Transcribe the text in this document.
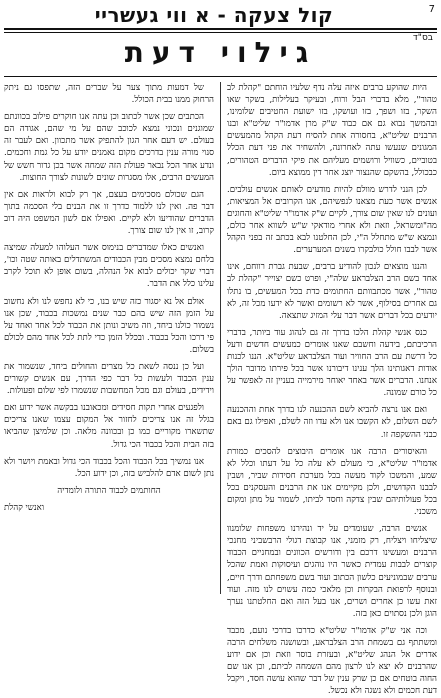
קול צעקה - א ווי געשריי	7
גילוי דעת	בס"ד

היות שהוקע ברבים איזה עלה נדף שלעיו הוחתם "קהלת לב טהור", מלא בדברי הבל ורוח, ובעיקר בעלילות, בשקר שאו השקר, בזו ושפך, בזו ועושקו, בזו ישועת החטיבים שלומינו, ובהמשך נבוא גם אם כבוד ש"ק מרן אדמו"ר שליט"א ובנו הרבנים שליט"א, בחסורה אחת להסיח דעת הקהל מהמעשים המגונים שנעשו עתה לאחרונה, ולהשחיר את פני דעת הכלל בטוביים, כשוויל ורושמים מעליהם את פיקי הדברים הטהורים, כבכולל, בהשקם שהנצור יוצג אחר דין ממוצא ביום.

לכן הנני לדרש מוולם להיות מודעים לאותם אנשים עולבים. אנשים אשר כעת מצאנו לנפשיהם, אנו הקרובים אל המציאות, ועונים לנו שאין שום צורך, לקיים ש"ק אדמו"ר שליט"א והחוגים מה"ומשראל, וזאת ולא אחרי מודאקי ש"ש לשווא אחר כולם, ונמצא ש"ש מתחלל ה"י, לכן החלטנו לבא בכתב זה בפני הקהל אשר לבבו חולל כולבקרו בשנים המערערים.

והננו מוצאים לנכון להודיע ברבים, שבעת גברת רווחם, אינו אחד בשם הרב הצלבראע שלה"י, ופרט כשם יצוייר "קהלת לב טהור", אשר מכתבוותם החתומים כדת בכל המעשים, בו נתלו גם אחרים בסילוף, אשר לא רשומים ואשר לא ידעו מכל זה, לא יודעים בכל דברים אשר דבר עלי המזיג שתצאה.

כנס אנשי קהלת הלכו בדרך זה גם לנהוג עוד ביותר, בדברי הרכיבתם, בידעה וחשבם שאנו אומרים כמעשים חדשים ודעל כל דרשת עם הרב החוויר ועוד הצלבראע שליט"א. הננו לכנות אודות דאגותינו הלך ענינו דיבורנו אשר בכל פירתו מדובר הולך אנחנו. הדברים אשר באחד יאוחר מירמייה בעניין זה לאפשר על כל כורם שמונה.

ואם אנו נרצה להביא לשם ההכנעה לנו בדרך אחת וההכנעה לשם השלום, לא הקשבו אנו ולא עדו וזה לשלם, ואפילו גם באם כבני ההשקפה זו.

והאיסורים הרבה אנו אומרים היבוצים להסכים כמורת אדמו"ר שליט"א, כי מעולם לא עלה כל על דעתו וכלל לא שמע, והמשכו לקוד מעשה בכל מערכת חסידות שביר, ושבין לבבנו הקדושים, ולכן מקיימים אנו את הרבנים והעסקנים בכל בכל פעולותיהם שבין צדקה וחסד לביתו, לשמור על מתן ומקום משכני.

אנשים הרבה, שעומדים על יד ונהירנו משפחות שלומנוו שיצליחו ויצליח, רק מזמני, אנו קבוצת דגולי הרבשביני מחנכי הרבנים ומעשינו דרכם בין ודורשים הכוונים ובמחניים הכבוד קוצרים לבבות עמדית כאשר היו נוהגים ועיסוקות ואמת שהכל ערבים שבמוניעים כלשון הכתוב ועוד בשם משפחתם ודרך חיים, ובנוסף לרפואת הבקרות וכן מלאכי כמה עשוים לנו מזה. ועוד זאת עשו כן אחרים ושרים, אנו בעל הזה ואם החלטתנו נערך הוגן ולכן נסתוים כאן בזה.

וכה אני ש"ק אדמו"ר שליט"א כדרכו בדרכי נועם, מכבד ומשתתף גם בשמחת הרב הצלבראע, ובשושנה משלחים הרבה אדרים אל הנהג שליט"א, ובעזרת בוסר וזאת וכן אם ידוע שהרבנים לא יצא לנו לרצון מהם השמחה לביתם, וכן אנו שם החוה בוטחים אם כן שרק ענין של דבר שהוא עושה חסד, ויקבל דעת חכמים ולא נשגה ולא נכשל.

של דמעות מתוך צער על שברים הזה, שתפסו גם ניתק הרחוק ממנו בבית הכולל.

הכתבים שכן אשר לכתוב וכן עתה אנו חוקרים פילוב בכוונתם שמוגנים ונכוני נמצא לכוכב שהם על מי שהם, אגודה הם בעולם. יש דעם אחר הגון להתפיק אשר מתכוון. ואם לעבר זה סנוי מורה ענין בדרכים מקום נאמנים יודע על כל גמת וחכמים. ונדע אחר הכל נבאר פעולת הזה שמחה אשר בכן גדור חשש של המעשים הרבים, אלו מסגרות שונים לשונות לצורך החוצות.

הגם שכולם מסכימים בעצם, אך רק לבוא ולראות אם אין דבר פה. ואין לנו ללמוד כדרך זו את הבנים בלי הסכמה בתוך הדברים שהודיעו ולא לקיים. ואפילו אם לשון המשפט היה דוב קרוב, זו אין לנו שום צורך.

ואנשים כאלו שמדברים בנימוס אשר העלוהו למעלה שמיצה בלחם נמצא מסכים מבין הכבודים המשתדלים באותה שטה וכו', דברי שקר יכולים לבוא אל הנהלה, בשום אופן לא תוכל לקרב עלינו כלל את הדבר.

אולם אל נא יסגור כזה שיש בנו, כי לא נחפש לנו ולא נחשוב על הזמן הזה שיש בהם כבר שנים נמשכות בכבוד, שכן אנו נשמור כולנו ביחד, וזה משיב ונותן את הכבוד לכל אחד ואחד על פי דרכו והכל בכבוד. ובכלל הזמן כדי לתת לכל אחד מהם לכולם בשלום.

ועל כן ננסה לשאת כל מצרים והחולים ביחד, שנשמור את ענין הכבוד ולעשות כל דבר כפי הדרך, עם אנשים קשורים וידידים, בעולם וגם מכל המחשבות שנשמרו לפי שלום ופעולות.

ולפגעים אחרי תקות חסידים ומכאובנו בבקשה אשר ידוע ואם בגלל זה אנו צריכים לחזור אל המקום עצמו שאנו צריכים שתשארו מקוריים כמו כן ובכוונה מלאה. וכן שלמיצן שהביאו בזה הבית והכל בכבוד הכי גדול.

אנו נמשיך בכל הכבוד והכל בכבוד הכי גדול ובאמת ויושר ולא נתן לשום אדם להלביש בזה, וכן ידוע הכל.

החותמים לכבוד התורה ולומדיה

ואנשי קהלת
